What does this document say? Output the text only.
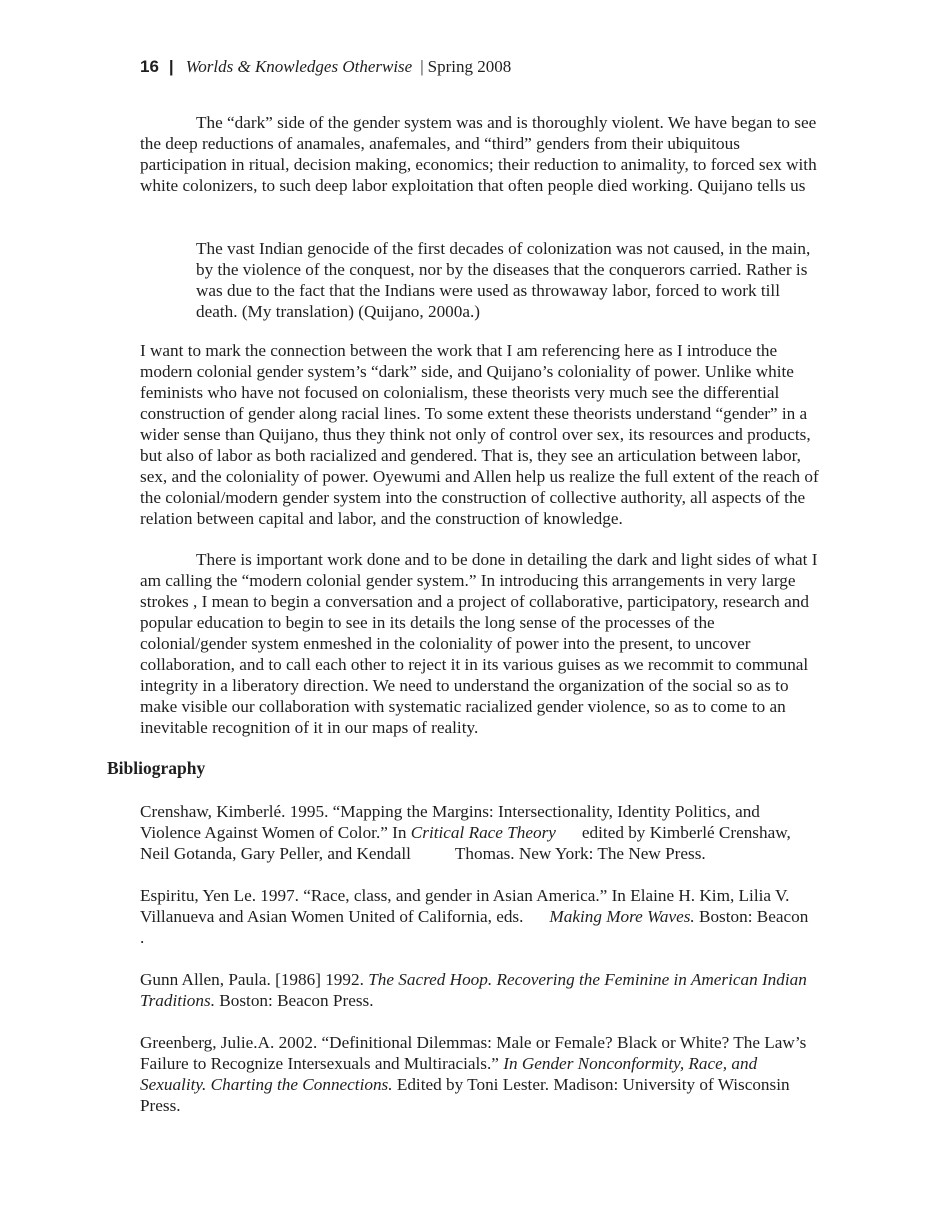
16 | Worlds & Knowledges Otherwise | Spring 2008

The “dark” side of the gender system was and is thoroughly violent. We have began to see the deep reductions of anamales, anafemales, and “third” genders from their ubiquitous participation in ritual, decision making, economics; their reduction to animality, to forced sex with white colonizers, to such deep labor exploitation that often people died working. Quijano tells us

The vast Indian genocide of the first decades of colonization was not caused, in the main, by the violence of the conquest, nor by the diseases that the conquerors carried. Rather is was due to the fact that the Indians were used as throwaway labor, forced to work till death. (My translation) (Quijano, 2000a.)

I want to mark the connection between the work that I am referencing here as I introduce the modern colonial gender system’s “dark” side, and Quijano’s coloniality of power. Unlike white feminists who have not focused on colonialism, these theorists very much see the differential construction of gender along racial lines. To some extent these theorists understand “gender” in a wider sense than Quijano, thus they think not only of control over sex, its resources and products, but also of labor as both racialized and gendered. That is, they see an articulation between labor, sex, and the coloniality of power. Oyewumi and Allen help us realize the full extent of the reach of the colonial/modern gender system into the construction of collective authority, all aspects of the relation between capital and labor, and the construction of knowledge.

There is important work done and to be done in detailing the dark and light sides of what I am calling the “modern colonial gender system.” In introducing this arrangements in very large strokes , I mean to begin a conversation and a project of collaborative, participatory, research and popular education to begin to see in its details the long sense of the processes of the colonial/gender system enmeshed in the coloniality of power into the present, to uncover collaboration, and to call each other to reject it in its various guises as we recommit to communal integrity in a liberatory direction. We need to understand the organization of the social so as to make visible our collaboration with systematic racialized gender violence, so as to come to an inevitable recognition of it in our maps of reality.

Bibliography

Crenshaw, Kimberlé. 1995. “Mapping the Margins: Intersectionality, Identity Politics, and Violence Against Women of Color.” In Critical Race Theory edited by Kimberlé Crenshaw, Neil Gotanda, Gary Peller, and Kendall	Thomas. New York: The New Press.

Espiritu, Yen Le. 1997. “Race, class, and gender in Asian America.” In Elaine H. Kim, Lilia V. Villanueva and Asian Women United of California, eds. Making More Waves. Boston: Beacon
.

Gunn Allen, Paula. [1986] 1992. The Sacred Hoop. Recovering the Feminine in American Indian Traditions. Boston: Beacon Press.

Greenberg, Julie.A. 2002. “Definitional Dilemmas: Male or Female? Black or White? The Law’s Failure to Recognize Intersexuals and Multiracials.” In Gender Nonconformity, Race, and Sexuality. Charting the Connections. Edited by Toni Lester. Madison: University of Wisconsin Press.
